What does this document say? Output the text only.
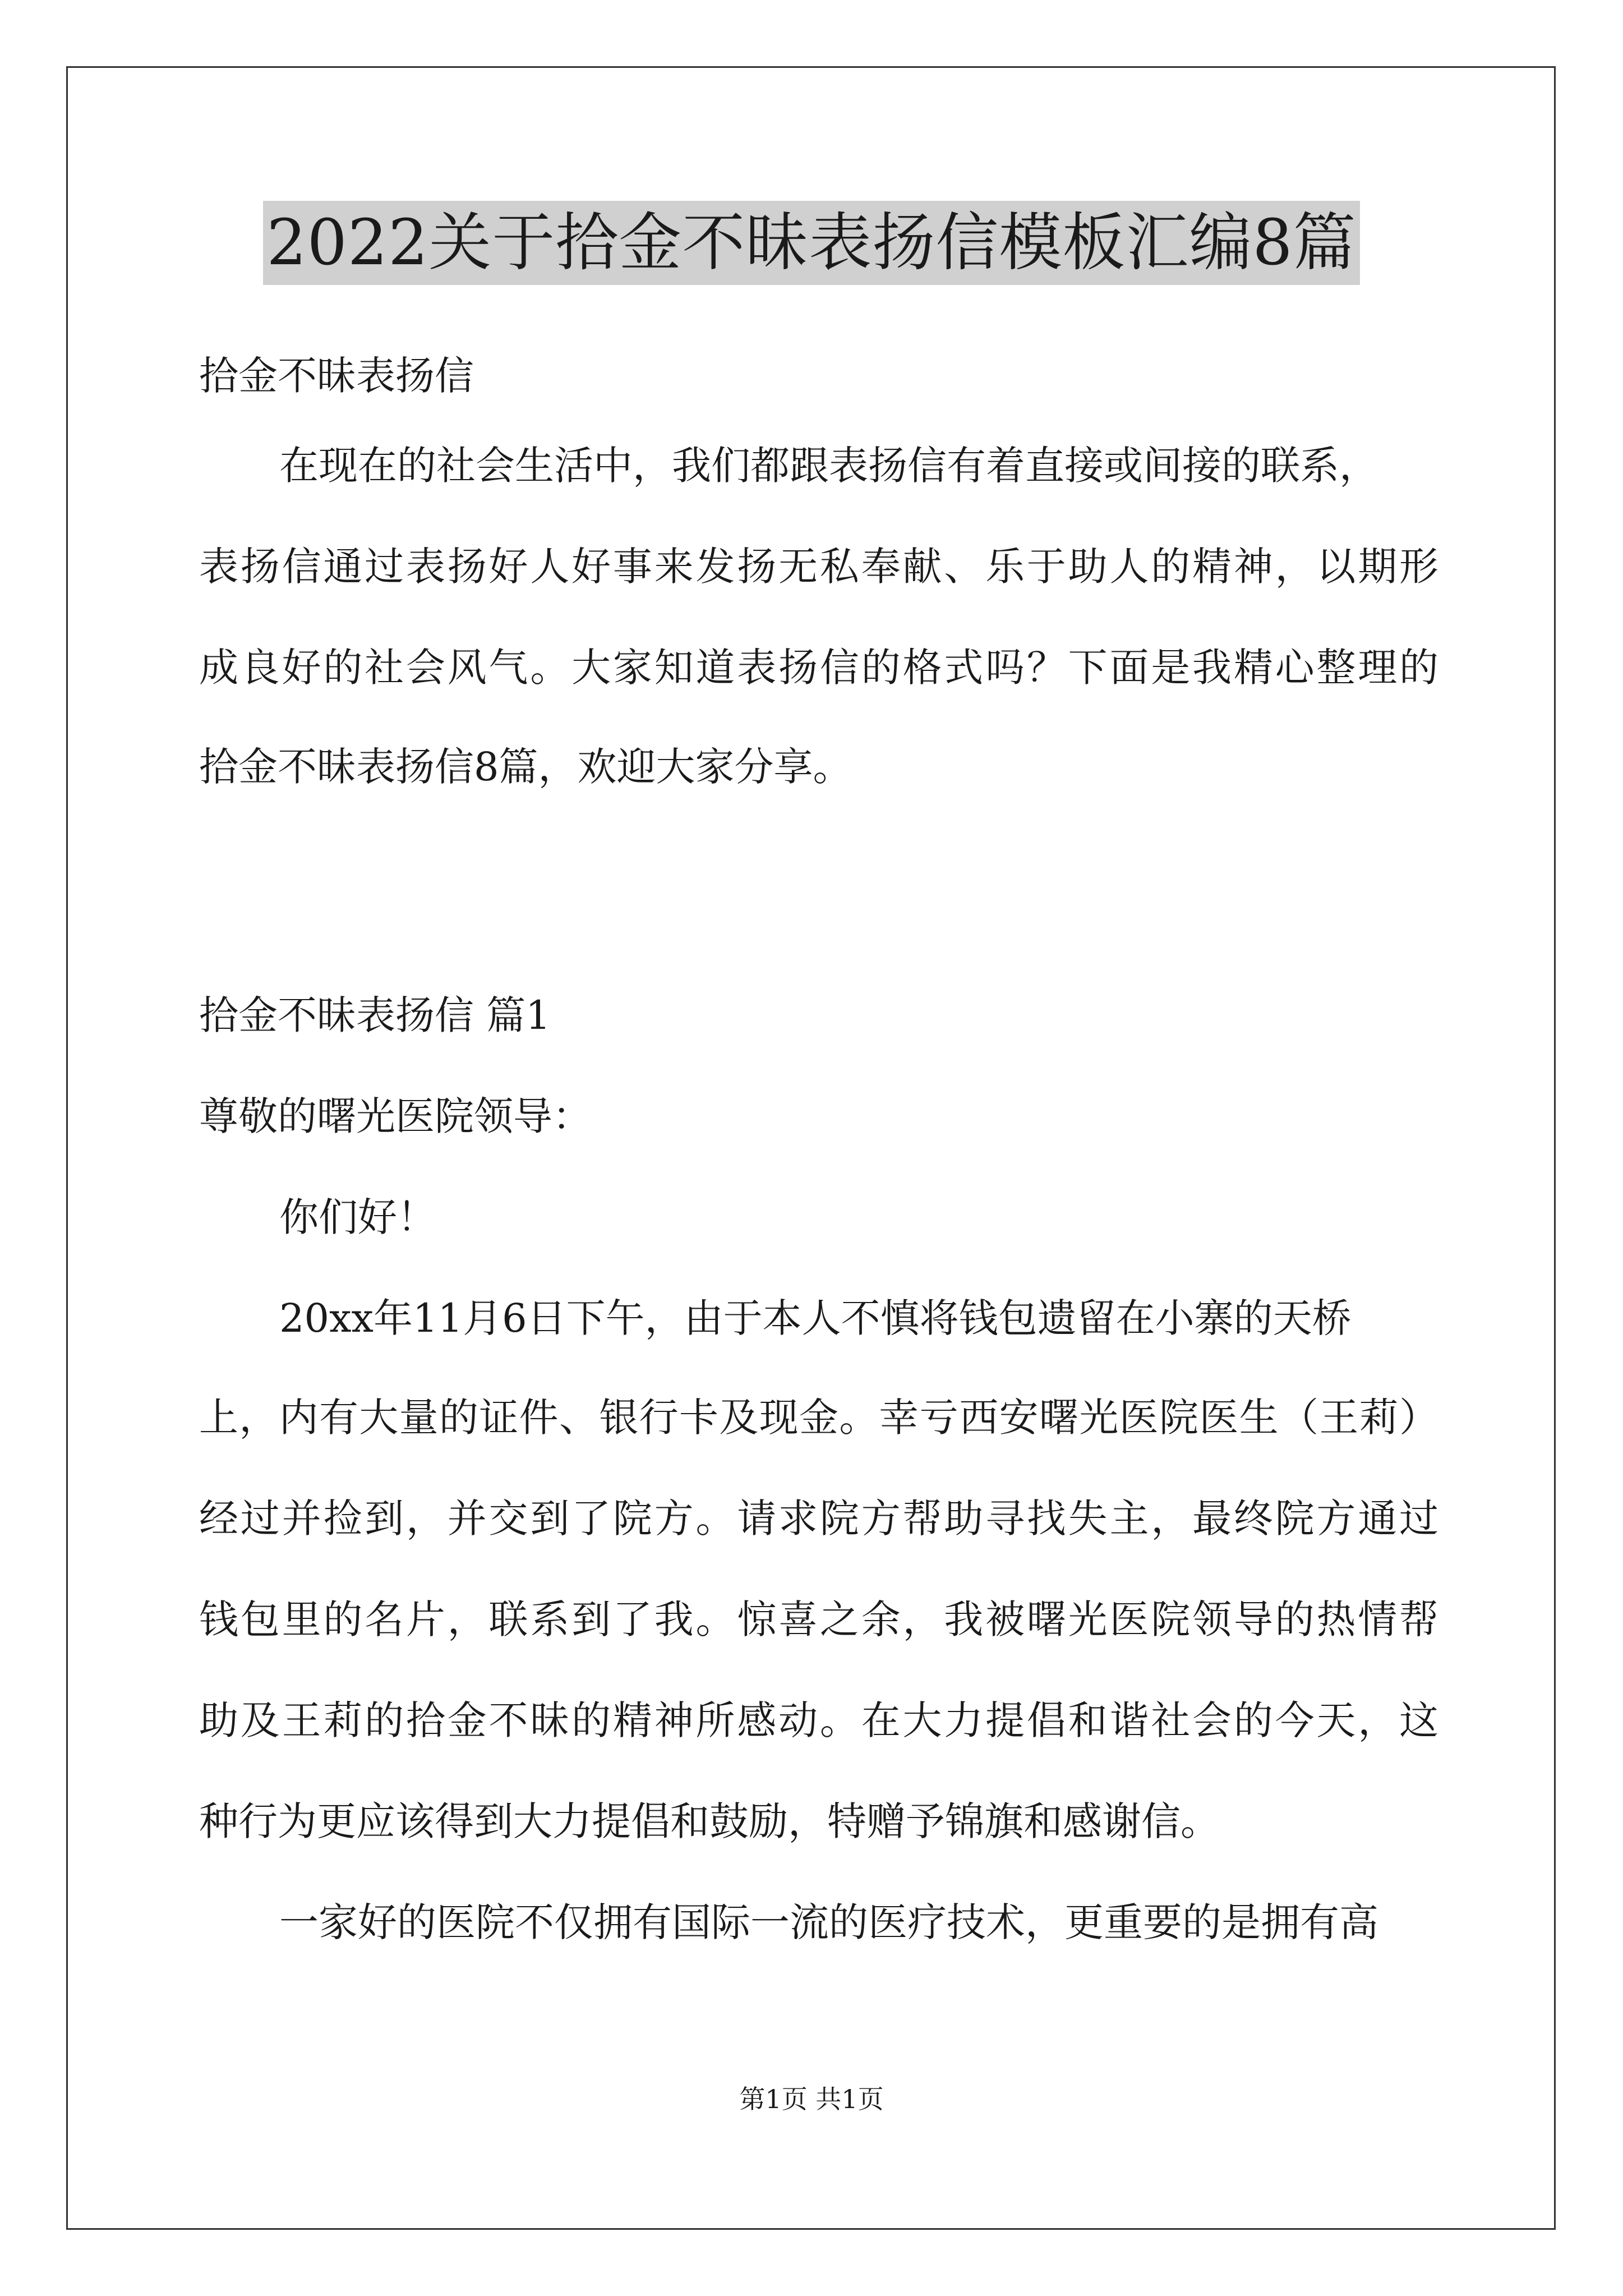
2022关于拾金不昧表扬信模板汇编8篇
拾金不昧表扬信
在现在的社会生活中，我们都跟表扬信有着直接或间接的联系，
表扬信通过表扬好人好事来发扬无私奉献、乐于助人的精神，以期形
成良好的社会风气。大家知道表扬信的格式吗？下面是我精心整理的
拾金不昧表扬信8篇，欢迎大家分享。
拾金不昧表扬信 篇1
尊敬的曙光医院领导：
你们好！
20xx年11月6日下午，由于本人不慎将钱包遗留在小寨的天桥
上，内有大量的证件、银行卡及现金。幸亏西安曙光医院医生（王莉）
经过并捡到，并交到了院方。请求院方帮助寻找失主，最终院方通过
钱包里的名片，联系到了我。惊喜之余，我被曙光医院领导的热情帮
助及王莉的拾金不昧的精神所感动。在大力提倡和谐社会的今天，这
种行为更应该得到大力提倡和鼓励，特赠予锦旗和感谢信。
一家好的医院不仅拥有国际一流的医疗技术，更重要的是拥有高
第1页 共1页
